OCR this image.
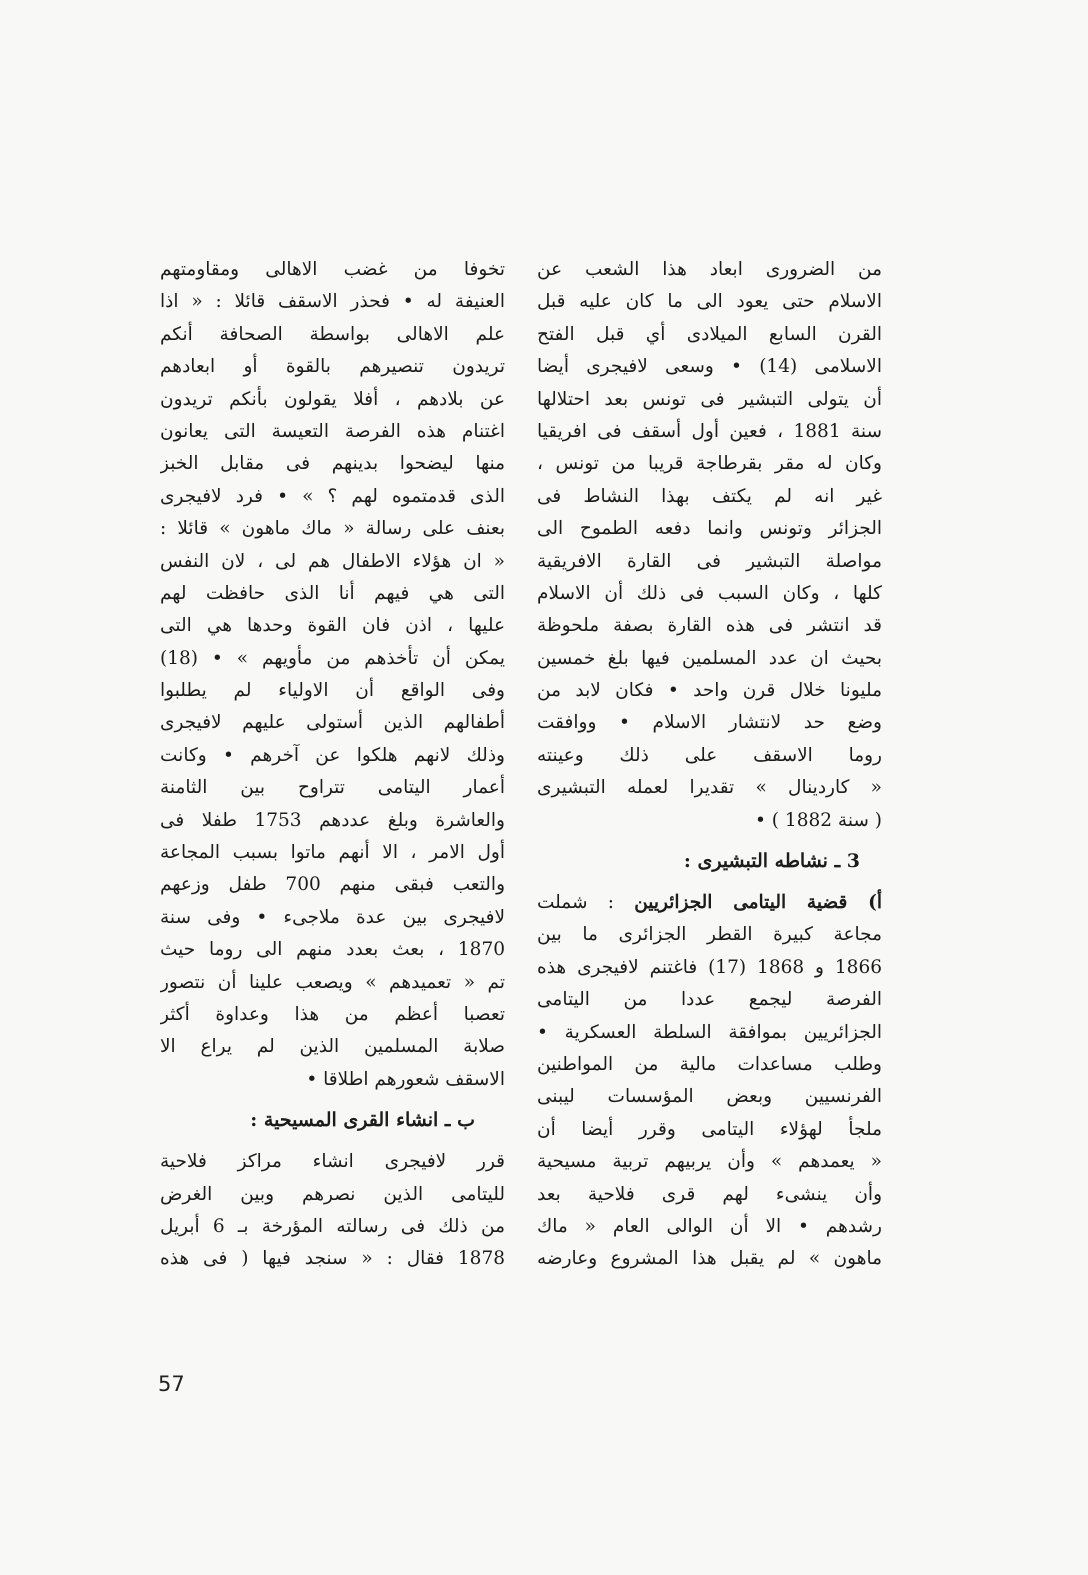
من الضرورى ابعاد هذا الشعب عن
الاسلام حتى يعود الى ما كان عليه قبل
القرن السابع الميلادى أي قبل الفتح
الاسلامى (14) • وسعى لافيجرى أيضا
أن يتولى التبشير فى تونس بعد احتلالها
سنة 1881 ، فعين أول أسقف فى افريقيا
وكان له مقر بقرطاجة قريبا من تونس ،
غير انه لم يكتف بهذا النشاط فى
الجزائر وتونس وانما دفعه الطموح الى
مواصلة التبشير فى القارة الافريقية
كلها ، وكان السبب فى ذلك أن الاسلام
قد انتشر فى هذه القارة بصفة ملحوظة
بحيث ان عدد المسلمين فيها بلغ خمسين
مليونا خلال قرن واحد • فكان لابد من
وضع حد لانتشار الاسلام • ووافقت
روما الاسقف على ذلك وعينته
« كاردينال » تقديرا لعمله التبشيرى
( سنة 1882 ) •
3 ـ نشاطه التبشيرى :
أ) قضية اليتامى الجزائريين : شملت
مجاعة كبيرة القطر الجزائرى ما بين
1866 و 1868 (17) فاغتنم لافيجرى هذه
الفرصة ليجمع عددا من اليتامى
الجزائريين بموافقة السلطة العسكرية •
وطلب مساعدات مالية من المواطنين
الفرنسيين وبعض المؤسسات ليبنى
ملجأ لهؤلاء اليتامى وقرر أيضا أن
« يعمدهم » وأن يربيهم تربية مسيحية
وأن ينشىء لهم قرى فلاحية بعد
رشدهم • الا أن الوالى العام « ماك
ماهون » لم يقبل هذا المشروع وعارضه
تخوفا من غضب الاهالى ومقاومتهم
العنيفة له • فحذر الاسقف قائلا : « اذا
علم الاهالى بواسطة الصحافة أنكم
تريدون تنصيرهم بالقوة أو ابعادهم
عن بلادهم ، أفلا يقولون بأنكم تريدون
اغتنام هذه الفرصة التعيسة التى يعانون
منها ليضحوا بدينهم فى مقابل الخبز
الذى قدمتموه لهم ؟ » • فرد لافيجرى
بعنف على رسالة « ماك ماهون » قائلا :
« ان هؤلاء الاطفال هم لى ، لان النفس
التى هي فيهم أنا الذى حافظت لهم
عليها ، اذن فان القوة وحدها هي التى
يمكن أن تأخذهم من مأويهم » • (18)
وفى الواقع أن الاولياء لم يطلبوا
أطفالهم الذين أستولى عليهم لافيجرى
وذلك لانهم هلكوا عن آخرهم • وكانت
أعمار اليتامى تتراوح بين الثامنة
والعاشرة وبلغ عددهم 1753 طفلا فى
أول الامر ، الا أنهم ماتوا بسبب المجاعة
والتعب فبقى منهم 700 طفل وزعهم
لافيجرى بين عدة ملاجىء • وفى سنة
1870 ، بعث بعدد منهم الى روما حيث
تم « تعميدهم » ويصعب علينا أن نتصور
تعصبا أعظم من هذا وعداوة أكثر
صلابة المسلمين الذين لم يراع الا
الاسقف شعورهم اطلاقا •
ب ـ انشاء القرى المسيحية :
قرر لافيجرى انشاء مراكز فلاحية
لليتامى الذين نصرهم وبين الغرض
من ذلك فى رسالته المؤرخة بـ 6 أبريل
1878 فقال : « سنجد فيها ( فى هذه
57
